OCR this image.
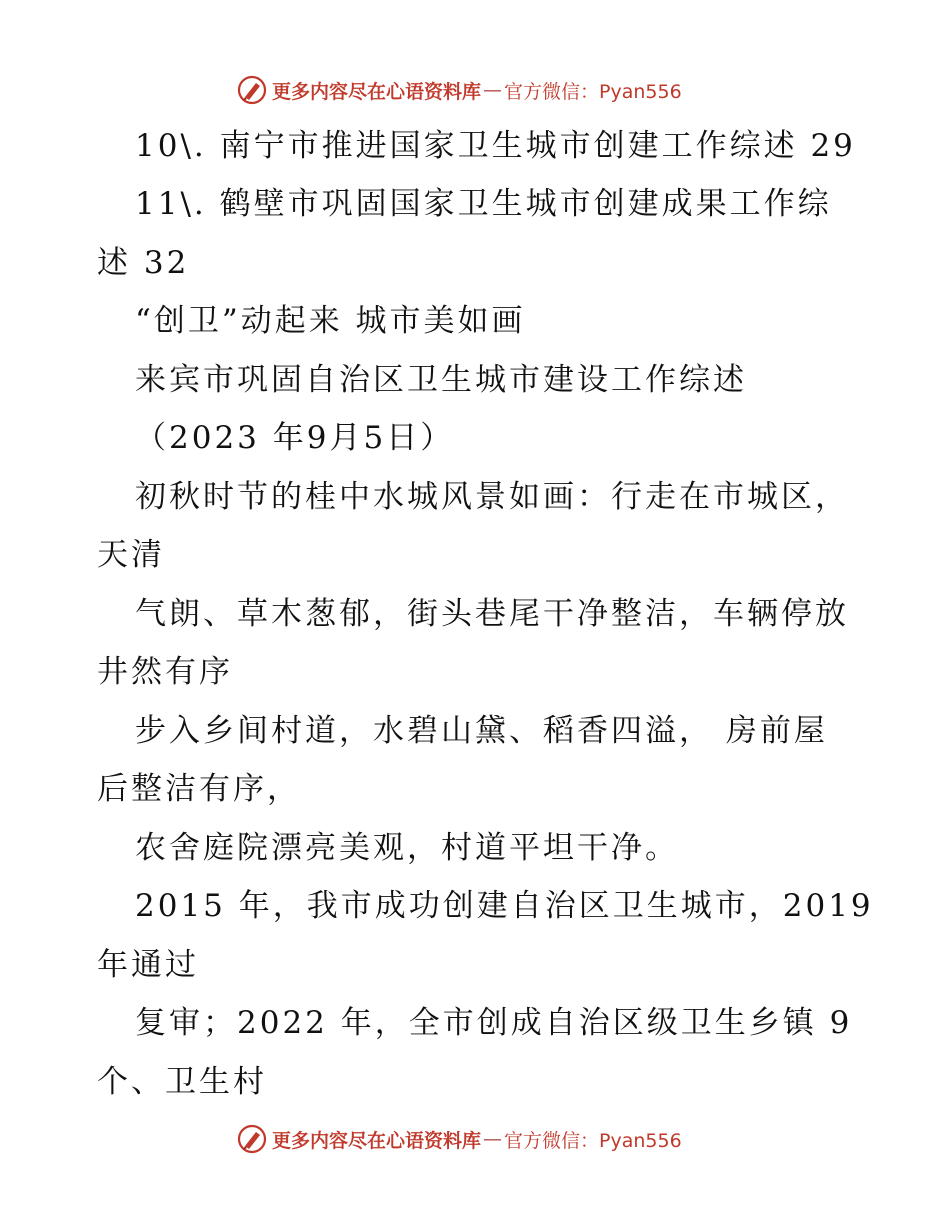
更多内容尽在心语资料库 — 官方微信：Pyan556
10\. 南宁市推进国家卫生城市创建工作综述 29
11\. 鹤壁市巩固国家卫生城市创建成果工作综
述 32
“创卫”动起来 城市美如画
来宾市巩固自治区卫生城市建设工作综述
（2023 年9月5日）
初秋时节的桂中水城风景如画：行走在市城区，
天清
气朗、草木葱郁，街头巷尾干净整洁，车辆停放
井然有序
步入乡间村道，水碧山黛、稻香四溢， 房前屋
后整洁有序，
农舍庭院漂亮美观，村道平坦干净。
2015 年，我市成功创建自治区卫生城市，2019
年通过
复审；2022 年，全市创成自治区级卫生乡镇 9
个、卫生村
更多内容尽在心语资料库 — 官方微信：Pyan556
